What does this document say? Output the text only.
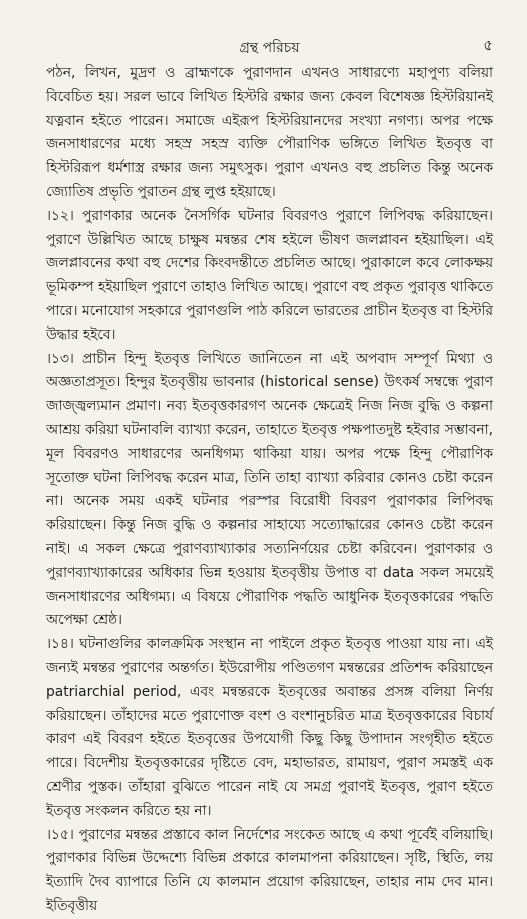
গ্রন্থ পরিচয়	৫

পঠন, লিখন, মুদ্রণ ও ব্রাহ্মণকে পুরাণদান এখনও সাধারণ্যে মহাপুণ্য বলিয়া বিবেচিত হয়। সরল ভাবে লিখিত হিস্টরি রক্ষার জন্য কেবল বিশেষজ্ঞ হিস্টরিয়ানই যত্নবান হইতে পারেন। সমাজে এইরূপ হিস্টরিয়ানদের সংখ্যা নগণ্য। অপর পক্ষে জনসাধারণের মধ্যে সহস্র সহস্র ব্যক্তি পৌরাণিক ভঙ্গিতে লিখিত ইতবৃত্ত বা হিস্টরিরূপ ধর্মশাস্ত্র রক্ষার জন্য সমুৎসুক। পুরাণ এখনও বহু প্রচলিত কিন্তু অনেক জ্যোতিষ প্রভৃতি পুরাতন গ্রন্থ লুপ্ত হইয়াছে।

।১২। পুরাণকার অনেক নৈসর্গিক ঘটনার বিবরণও পুরাণে লিপিবদ্ধ করিয়াছেন। পুরাণে উল্লিখিত আছে চাক্ষুষ মন্বন্তর শেষ হইলে ভীষণ জলপ্লাবন হইয়াছিল। এই জলপ্লাবনের কথা বহু দেশের কিংবদন্তীতে প্রচলিত আছে। পুরাকালে কবে লোকক্ষয় ভূমিকম্প হইয়াছিল পুরাণে তাহাও লিখিত আছে। পুরাণে বহু প্রকৃত পুরাবৃত্ত থাকিতে পারে। মনোযোগ সহকারে পুরাণগুলি পাঠ করিলে ভারতের প্রাচীন ইতবৃত্ত বা হিস্টরি উদ্ধার হইবে।

।১৩। প্রাচীন হিন্দু ইতবৃত্ত লিখিতে জানিতেন না এই অপবাদ সম্পূর্ণ মিথ্যা ও অজ্ঞতাপ্রসূত। হিন্দুর ইতবৃত্তীয় ভাবনার (historical sense) উৎকর্ষ সম্বন্ধে পুরাণ জাজ্জ্বল্যমান প্রমাণ। নব্য ইতবৃত্তকারগণ অনেক ক্ষেত্রেই নিজ নিজ বুদ্ধি ও কল্পনা আশ্রয় করিয়া ঘটনাবলি ব্যাখ্যা করেন, তাহাতে ইতবৃত্ত পক্ষপাতদুষ্ট হইবার সম্ভাবনা, মূল বিবরণও সাধারণের অনধিগম্য থাকিয়া যায়। অপর পক্ষে হিন্দু পৌরাণিক সূতোক্ত ঘটনা লিপিবদ্ধ করেন মাত্র, তিনি তাহা ব্যাখ্যা করিবার কোনও চেষ্টা করেন না। অনেক সময় একই ঘটনার পরস্পর বিরোধী বিবরণ পুরাণকার লিপিবদ্ধ করিয়াছেন। কিন্তু নিজ বুদ্ধি ও কল্পনার সাহায্যে সত্যোদ্ধারের কোনও চেষ্টা করেন নাই। এ সকল ক্ষেত্রে পুরাণব্যাখ্যাকার সত্যনির্ণয়ের চেষ্টা করিবেন। পুরাণকার ও পুরাণব্যাখ্যাকারের অধিকার ভিন্ন হওয়ায় ইতবৃত্তীয় উপাত্ত বা data সকল সময়েই জনসাধারণের অধিগম্য। এ বিষয়ে পৌরাণিক পদ্ধতি আধুনিক ইতবৃত্তকারের পদ্ধতি অপেক্ষা শ্রেষ্ঠ।

।১৪। ঘটনাগুলির কালক্রমিক সংস্থান না পাইলে প্রকৃত ইতবৃত্ত পাওয়া যায় না। এই জন্যই মন্বন্তর পুরাণের অন্তর্গত। ইউরোপীয় পণ্ডিতগণ মন্বন্তরের প্রতিশব্দ করিয়াছেন patriarchial period, এবং মন্বন্তরকে ইতবৃত্তের অবান্তর প্রসঙ্গ বলিয়া নির্ণয় করিয়াছেন। তাঁহাদের মতে পুরাণোক্ত বংশ ও বংশানুচরিত মাত্র ইতবৃত্তকারের বিচার্য কারণ এই বিবরণ হইতে ইতবৃত্তের উপযোগী কিছু কিছু উপাদান সংগৃহীত হইতে পারে। বিদেশীয় ইতবৃত্তকারের দৃষ্টিতে বেদ, মহাভারত, রামায়ণ, পুরাণ সমস্তই এক শ্রেণীর পুস্তক। তাঁহারা বুঝিতে পারেন নাই যে সমগ্র পুরাণই ইতবৃত্ত, পুরাণ হইতে ইতবৃত্ত সংকলন করিতে হয় না।

।১৫। পুরাণের মন্বন্তর প্রস্তাবে কাল নির্দেশের সংকেত আছে এ কথা পূর্বেই বলিয়াছি। পুরাণকার বিভিন্ন উদ্দেশ্যে বিভিন্ন প্রকারে কালমাপনা করিয়াছেন। সৃষ্টি, স্থিতি, লয় ইত্যাদি দৈব ব্যাপারে তিনি যে কালমান প্রয়োগ করিয়াছেন, তাহার নাম দেব মান। ইতিবৃত্তীয়
